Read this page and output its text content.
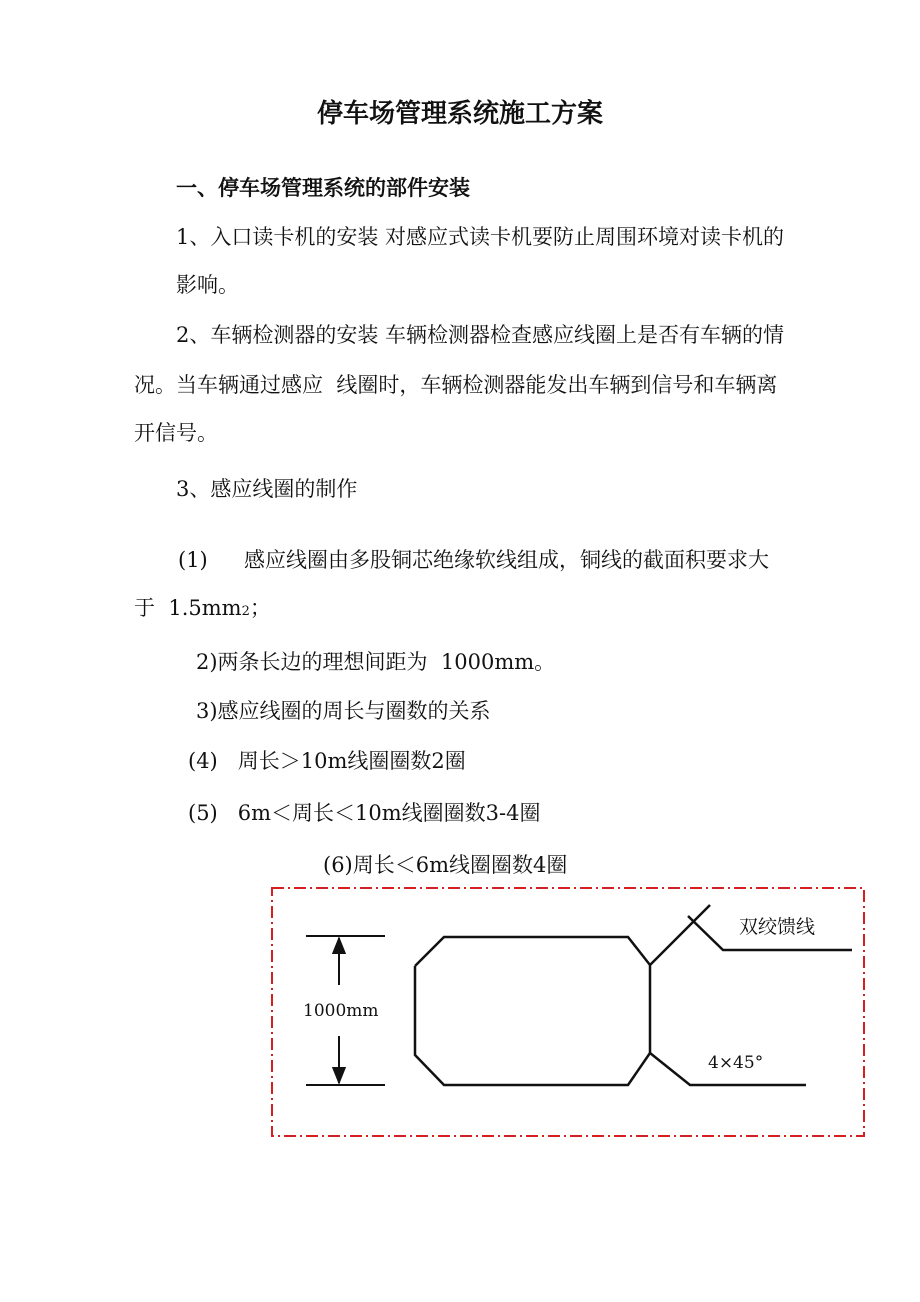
停车场管理系统施工方案
一、停车场管理系统的部件安装
1、入口读卡机的安装 对感应式读卡机要防止周围环境对读卡机的
影响。
2、车辆检测器的安装 车辆检测器检查感应线圈上是否有车辆的情
况。当车辆通过感应  线圈时，车辆检测器能发出车辆到信号和车辆离
开信号。
3、感应线圈的制作
(1) 感应线圈由多股铜芯绝缘软线组成，铜线的截面积要求大
于  1.5mm2；
2)两条长边的理想间距为  1000mm。
3)感应线圈的周长与圈数的关系
(4)   周长＞10m线圈圈数2圈
(5)   6m＜周长＜10m线圈圈数3-4圈
(6)周长＜6m线圈圈数4圈
1000mm
双绞馈线
4×45°
